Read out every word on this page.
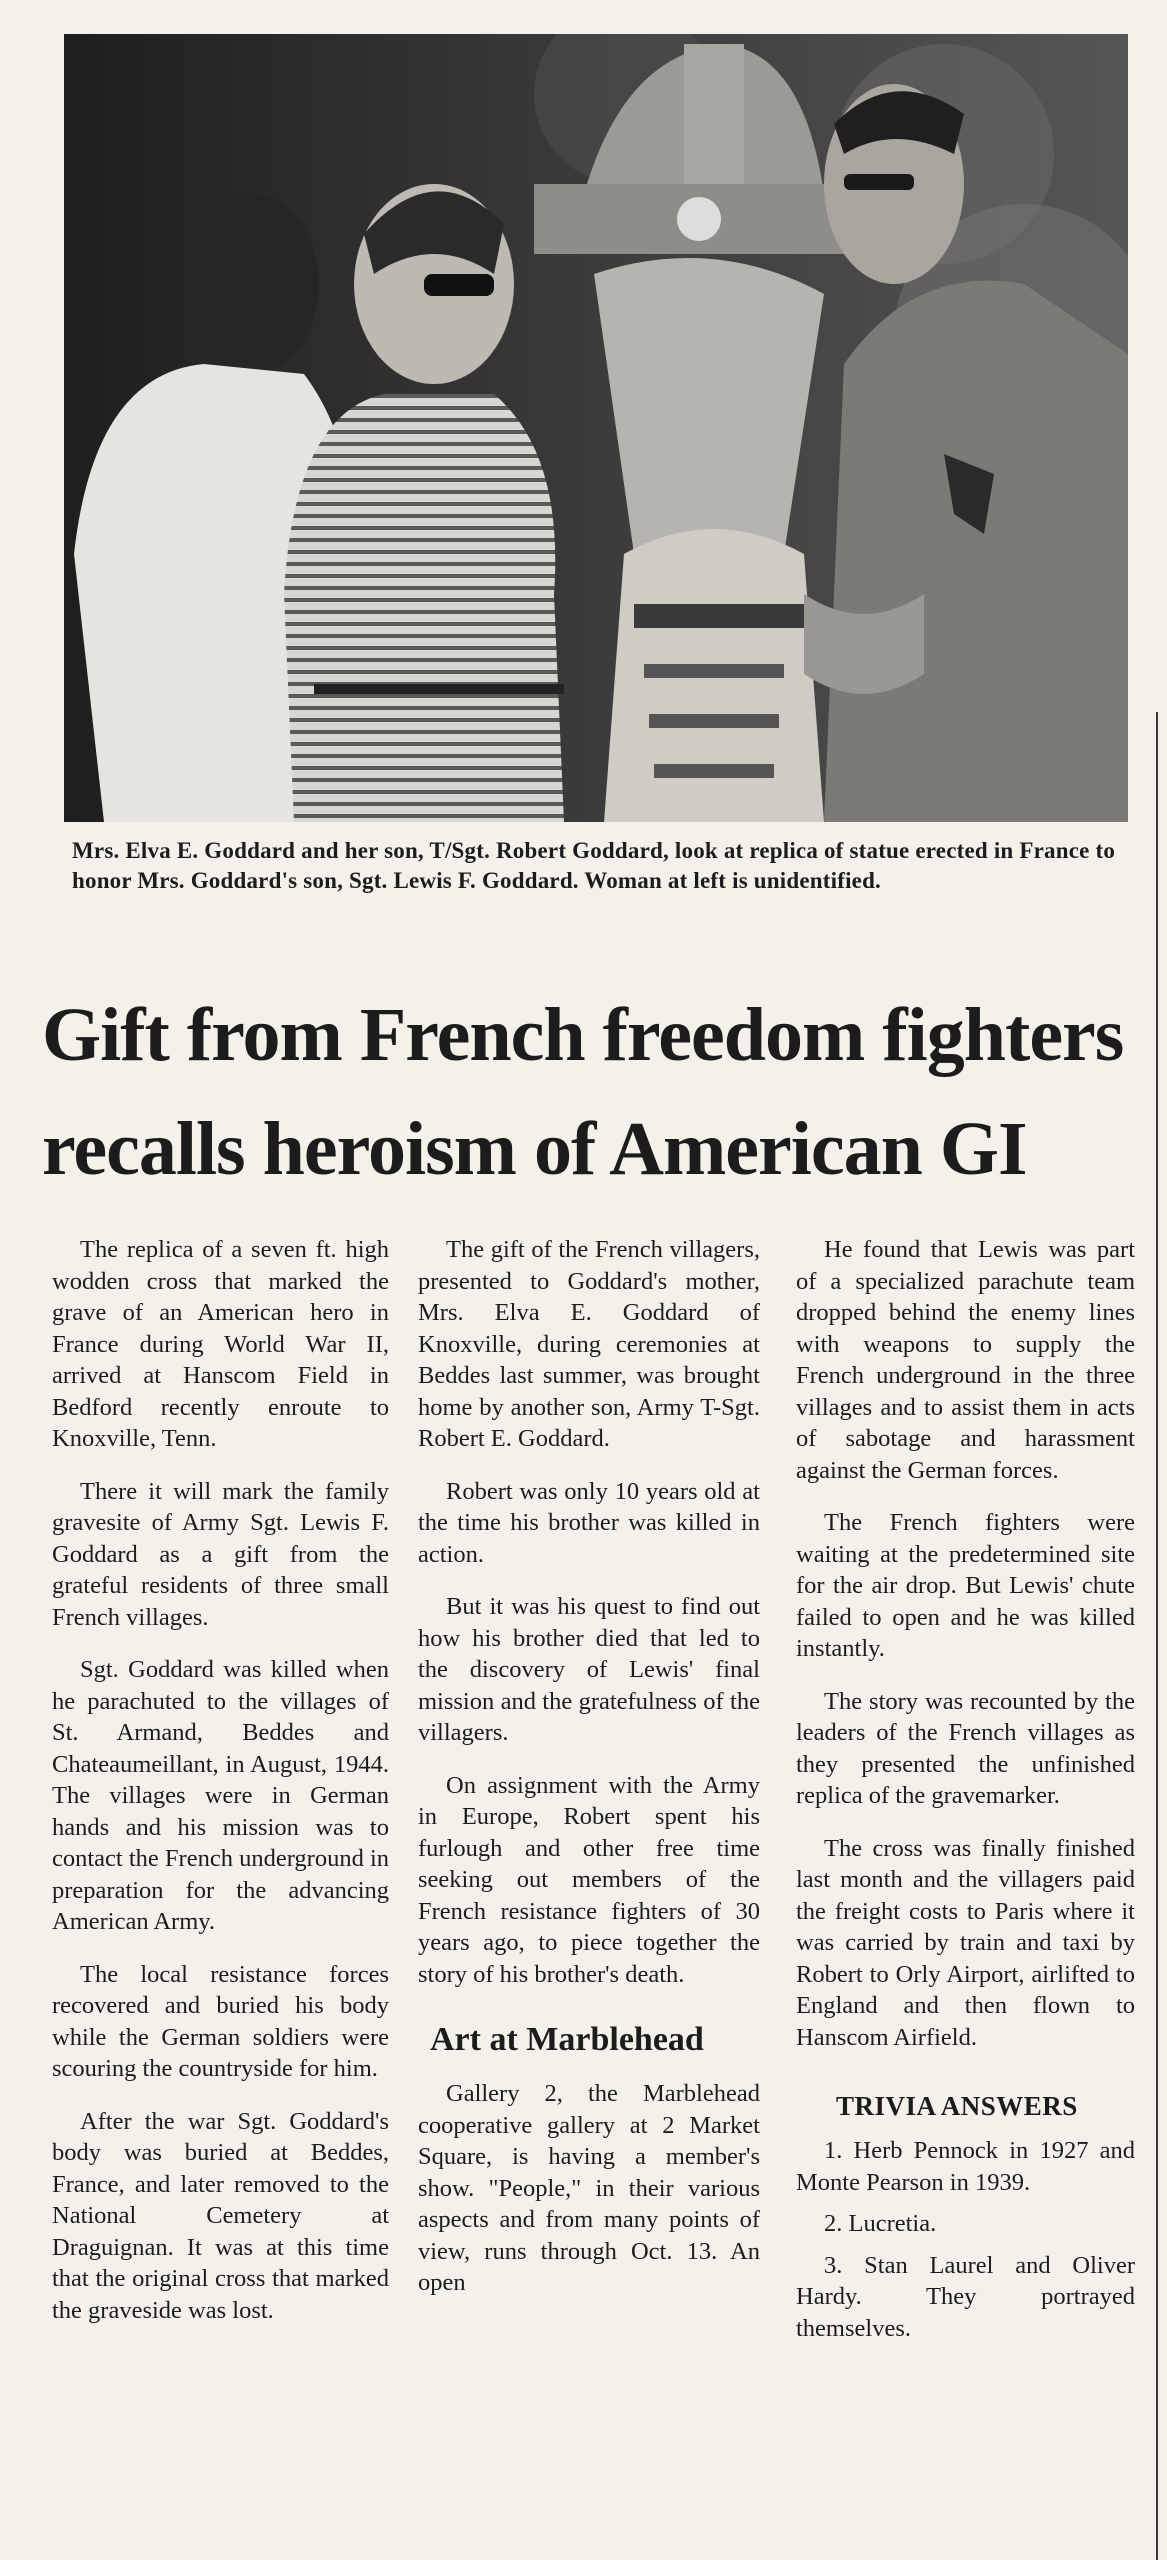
Mrs. Elva E. Goddard and her son, T/Sgt. Robert Goddard, look at replica of statue erected in France to honor Mrs. Goddard's son, Sgt. Lewis F. Goddard. Woman at left is unidentified.

Gift from French freedom fighters recalls heroism of American GI

The replica of a seven ft. high wodden cross that marked the grave of an American hero in France during World War II, arrived at Hanscom Field in Bedford recently enroute to Knoxville, Tenn.

There it will mark the family gravesite of Army Sgt. Lewis F. Goddard as a gift from the grateful residents of three small French villages.

Sgt. Goddard was killed when he parachuted to the villages of St. Armand, Beddes and Chateaumeillant, in August, 1944. The villages were in German hands and his mission was to contact the French underground in preparation for the advancing American Army.

The local resistance forces recovered and buried his body while the German soldiers were scouring the countryside for him.

After the war Sgt. Goddard's body was buried at Beddes, France, and later removed to the National Cemetery at Draguignan. It was at this time that the original cross that marked the graveside was lost.

The gift of the French villagers, presented to Goddard's mother, Mrs. Elva E. Goddard of Knoxville, during ceremonies at Beddes last summer, was brought home by another son, Army T-Sgt. Robert E. Goddard.

Robert was only 10 years old at the time his brother was killed in action.

But it was his quest to find out how his brother died that led to the discovery of Lewis' final mission and the gratefulness of the villagers.

On assignment with the Army in Europe, Robert spent his furlough and other free time seeking out members of the French resistance fighters of 30 years ago, to piece together the story of his brother's death.

Art at Marblehead

Gallery 2, the Marblehead cooperative gallery at 2 Market Square, is having a member's show. "People," in their various aspects and from many points of view, runs through Oct. 13. An open

He found that Lewis was part of a specialized parachute team dropped behind the enemy lines with weapons to supply the French underground in the three villages and to assist them in acts of sabotage and harassment against the German forces.

The French fighters were waiting at the predetermined site for the air drop. But Lewis' chute failed to open and he was killed instantly.

The story was recounted by the leaders of the French villages as they presented the unfinished replica of the gravemarker.

The cross was finally finished last month and the villagers paid the freight costs to Paris where it was carried by train and taxi by Robert to Orly Airport, airlifted to England and then flown to Hanscom Airfield.

TRIVIA ANSWERS

1. Herb Pennock in 1927 and Monte Pearson in 1939.

2. Lucretia.

3. Stan Laurel and Oliver Hardy. They portrayed themselves.
